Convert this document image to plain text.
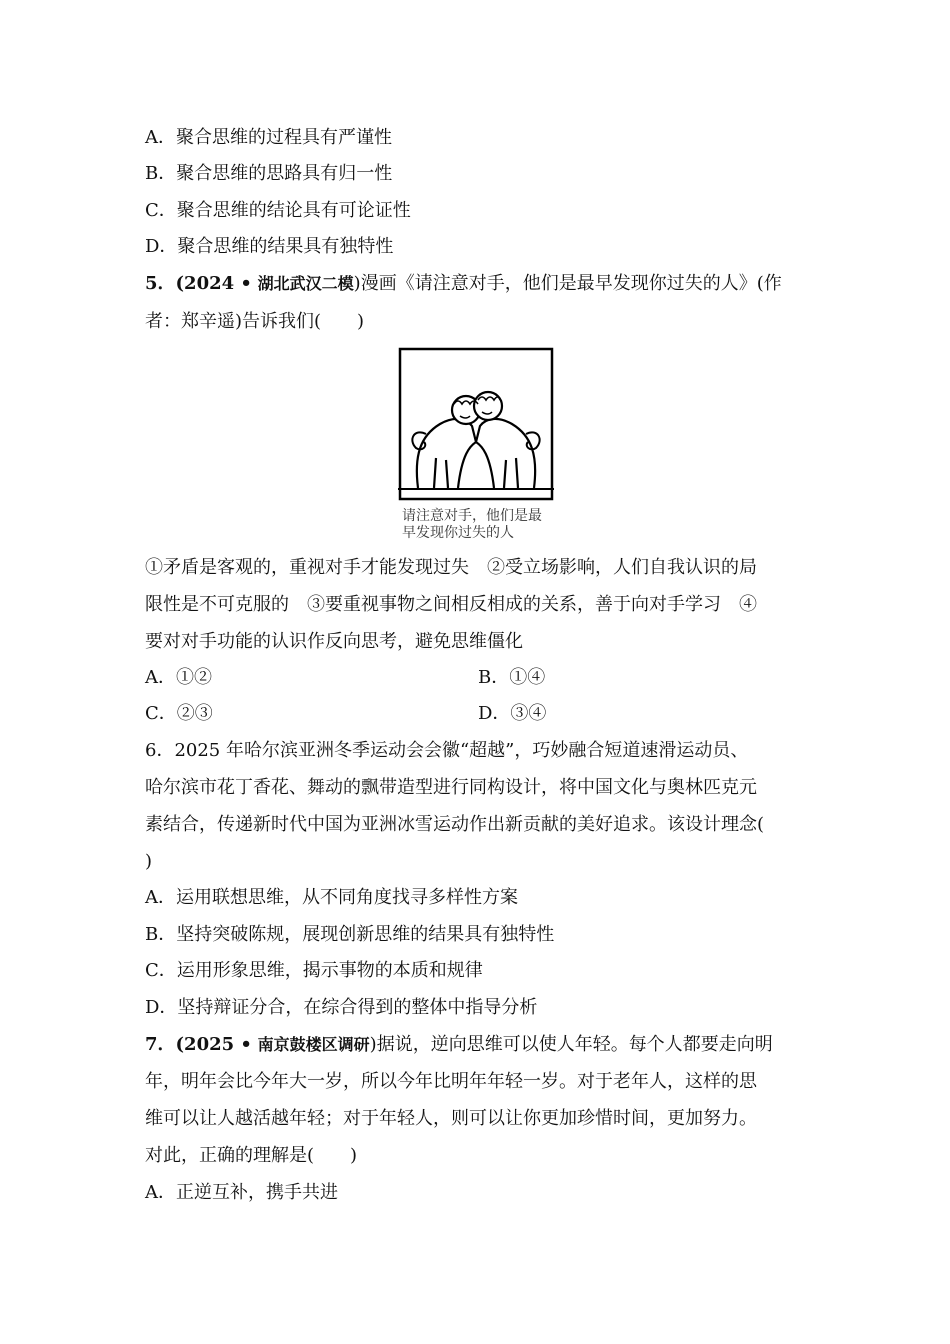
A．聚合思维的过程具有严谨性
B．聚合思维的思路具有归一性
C．聚合思维的结论具有可论证性
D．聚合思维的结果具有独特性
5．(2024 • 湖北武汉二模)漫画《请注意对手，他们是最早发现你过失的人》(作
者：郑辛遥)告诉我们(　　)
请注意对手，他们是最
早发现你过失的人
①矛盾是客观的，重视对手才能发现过失　②受立场影响，人们自我认识的局
限性是不可克服的　③要重视事物之间相反相成的关系，善于向对手学习　④
要对对手功能的认识作反向思考，避免思维僵化
A．①②	B．①④
C．②③	D．③④
6．2025 年哈尔滨亚洲冬季运动会会徽“超越”，巧妙融合短道速滑运动员、
哈尔滨市花丁香花、舞动的飘带造型进行同构设计，将中国文化与奥林匹克元
素结合，传递新时代中国为亚洲冰雪运动作出新贡献的美好追求。该设计理念(
)
A．运用联想思维，从不同角度找寻多样性方案
B．坚持突破陈规，展现创新思维的结果具有独特性
C．运用形象思维，揭示事物的本质和规律
D．坚持辩证分合，在综合得到的整体中指导分析
7．(2025 • 南京鼓楼区调研)据说，逆向思维可以使人年轻。每个人都要走向明
年，明年会比今年大一岁，所以今年比明年年轻一岁。对于老年人，这样的思
维可以让人越活越年轻；对于年轻人，则可以让你更加珍惜时间，更加努力。
对此，正确的理解是(　　)
A．正逆互补，携手共进
